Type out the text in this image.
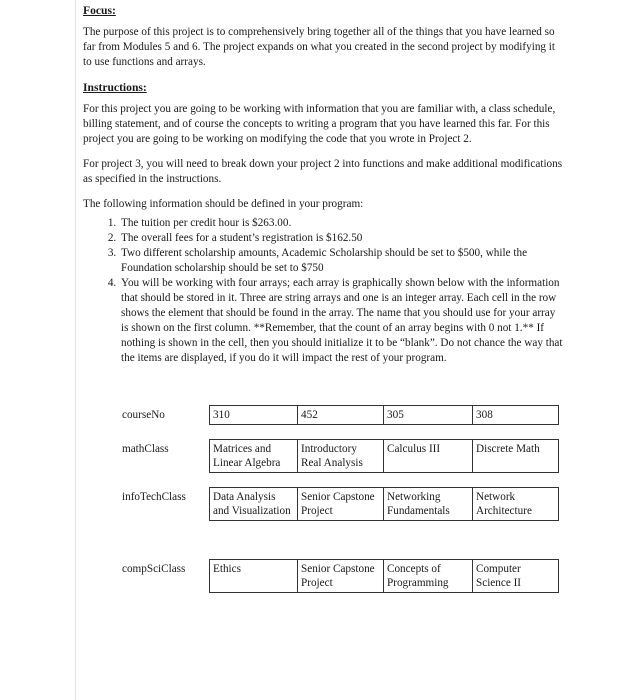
Focus:

The purpose of this project is to comprehensively bring together all of the things that you have learned so far from Modules 5 and 6. The project expands on what you created in the second project by modifying it to use functions and arrays.

Instructions:

For this project you are going to be working with information that you are familiar with, a class schedule, billing statement, and of course the concepts to writing a program that you have learned this far. For this project you are going to be working on modifying the code that you wrote in Project 2.

For project 3, you will need to break down your project 2 into functions and make additional modifications as specified in the instructions.

The following information should be defined in your program:

1. The tuition per credit hour is $263.00.
2. The overall fees for a student’s registration is $162.50
3. Two different scholarship amounts, Academic Scholarship should be set to $500, while the Foundation scholarship should be set to $750
4. You will be working with four arrays; each array is graphically shown below with the information that should be stored in it. Three are string arrays and one is an integer array. Each cell in the row shows the element that should be found in the array. The name that you should use for your array is shown on the first column. **Remember, that the count of an array begins with 0 not 1.** If nothing is shown in the cell, then you should initialize it to be “blank”. Do not chance the way that the items are displayed, if you do it will impact the rest of your program.
courseNo	310	452	305	308

mathClass	Matrices and Linear Algebra	Introductory Real Analysis	Calculus III	Discrete Math

infoTechClass	Data Analysis and Visualization	Senior Capstone Project	Networking Fundamentals	Network Architecture

compSciClass	Ethics	Senior Capstone Project	Concepts of Programming	Computer Science II
